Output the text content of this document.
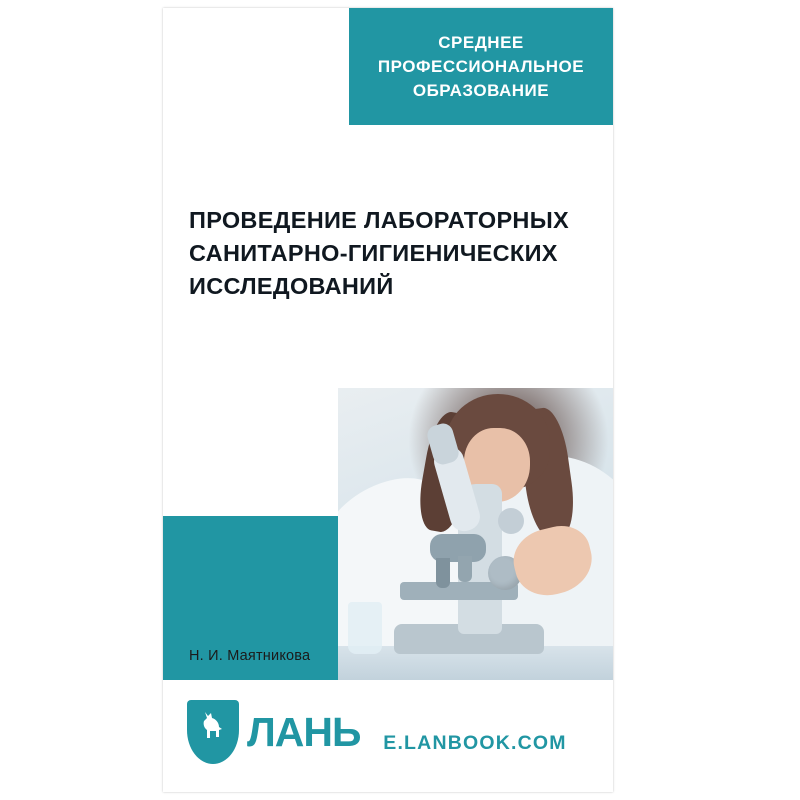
СРЕДНЕЕ
ПРОФЕССИОНАЛЬНОЕ
ОБРАЗОВАНИЕ
ПРОВЕДЕНИЕ ЛАБОРАТОРНЫХ
САНИТАРНО-ГИГИЕНИЧЕСКИХ
ИССЛЕДОВАНИЙ
Н. И. Маятникова
ЛАНЬ	E.LANBOOK.COM
